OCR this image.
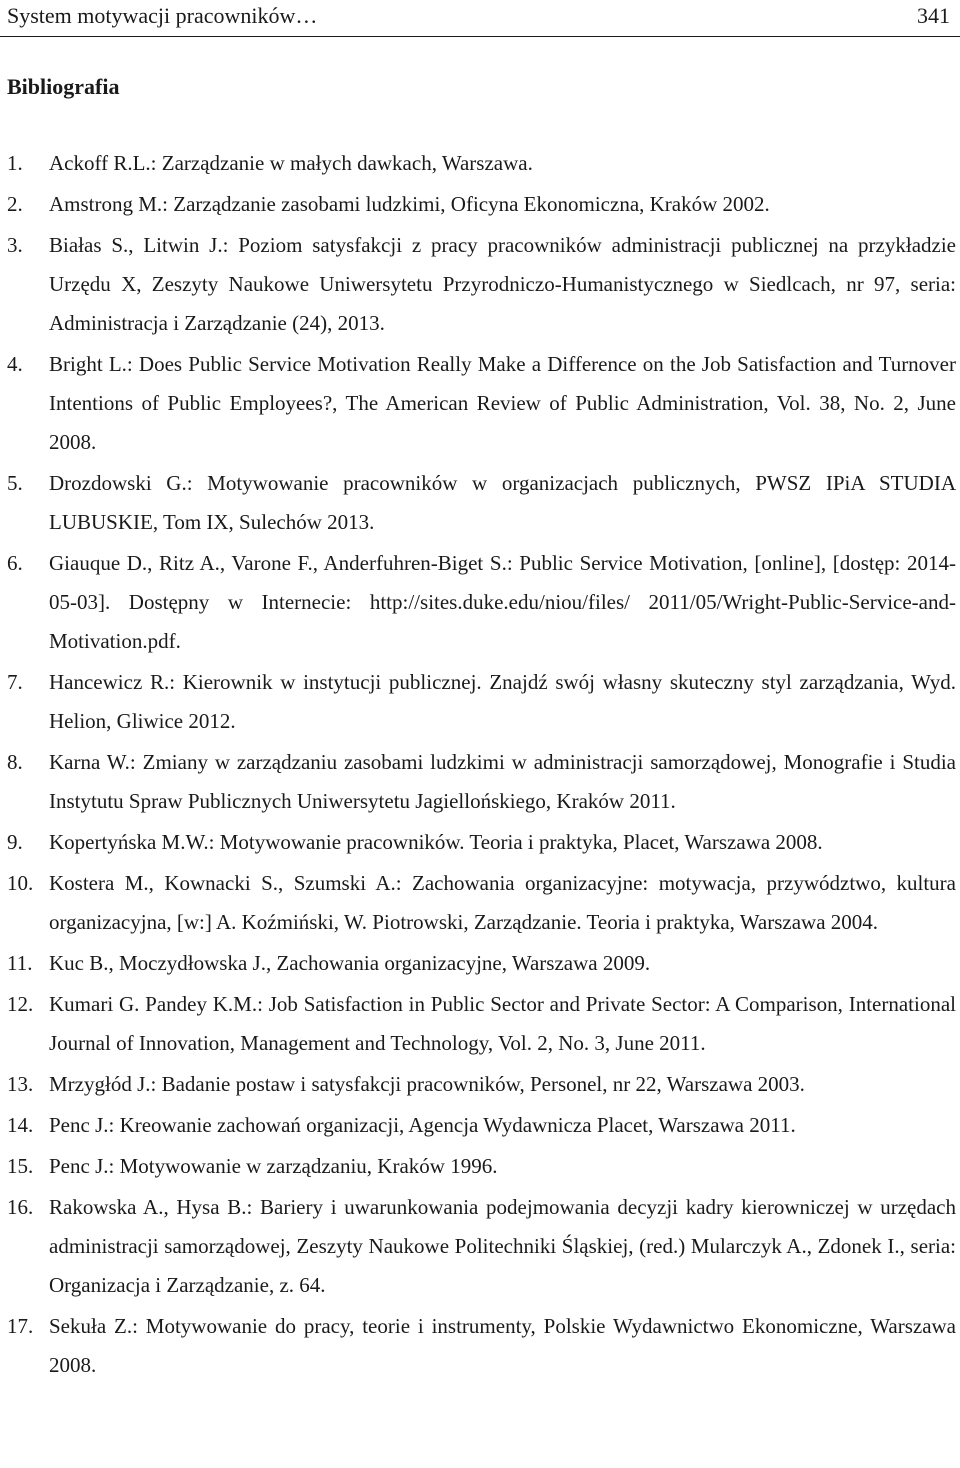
System motywacji pracowników…	341
Bibliografia
1. Ackoff R.L.: Zarządzanie w małych dawkach, Warszawa.
2. Amstrong M.: Zarządzanie zasobami ludzkimi, Oficyna Ekonomiczna, Kraków 2002.
3. Białas S., Litwin J.: Poziom satysfakcji z pracy pracowników administracji publicznej na przykładzie Urzędu X, Zeszyty Naukowe Uniwersytetu Przyrodniczo-Humanistycznego w Siedlcach, nr 97, seria: Administracja i Zarządzanie (24), 2013.
4. Bright L.: Does Public Service Motivation Really Make a Difference on the Job Satisfaction and Turnover Intentions of Public Employees?, The American Review of Public Administration, Vol. 38, No. 2, June 2008.
5. Drozdowski G.: Motywowanie pracowników w organizacjach publicznych, PWSZ IPiA STUDIA LUBUSKIE, Tom IX, Sulechów 2013.
6. Giauque D., Ritz A., Varone F., Anderfuhren-Biget S.: Public Service Motivation, [online], [dostęp: 2014-05-03]. Dostępny w Internecie: http://sites.duke.edu/niou/files/ 2011/05/Wright-Public-Service-and-Motivation.pdf.
7. Hancewicz R.: Kierownik w instytucji publicznej. Znajdź swój własny skuteczny styl zarządzania, Wyd. Helion, Gliwice 2012.
8. Karna W.: Zmiany w zarządzaniu zasobami ludzkimi w administracji samorządowej, Monografie i Studia Instytutu Spraw Publicznych Uniwersytetu Jagiellońskiego, Kraków 2011.
9. Kopertyńska M.W.: Motywowanie pracowników. Teoria i praktyka, Placet, Warszawa 2008.
10. Kostera M., Kownacki S., Szumski A.: Zachowania organizacyjne: motywacja, przywództwo, kultura organizacyjna, [w:] A. Koźmiński, W. Piotrowski, Zarządzanie. Teoria i praktyka, Warszawa 2004.
11. Kuc B., Moczydłowska J., Zachowania organizacyjne, Warszawa 2009.
12. Kumari G. Pandey K.M.: Job Satisfaction in Public Sector and Private Sector: A Comparison, International Journal of Innovation, Management and Technology, Vol. 2, No. 3, June 2011.
13. Mrzygłód J.: Badanie postaw i satysfakcji pracowników, Personel, nr 22, Warszawa 2003.
14. Penc J.: Kreowanie zachowań organizacji, Agencja Wydawnicza Placet, Warszawa 2011.
15. Penc J.: Motywowanie w zarządzaniu, Kraków 1996.
16. Rakowska A., Hysa B.: Bariery i uwarunkowania podejmowania decyzji kadry kierowniczej w urzędach administracji samorządowej, Zeszyty Naukowe Politechniki Śląskiej, (red.) Mularczyk A., Zdonek I., seria: Organizacja i Zarządzanie, z. 64.
17. Sekuła Z.: Motywowanie do pracy, teorie i instrumenty, Polskie Wydawnictwo Ekonomiczne, Warszawa 2008.
